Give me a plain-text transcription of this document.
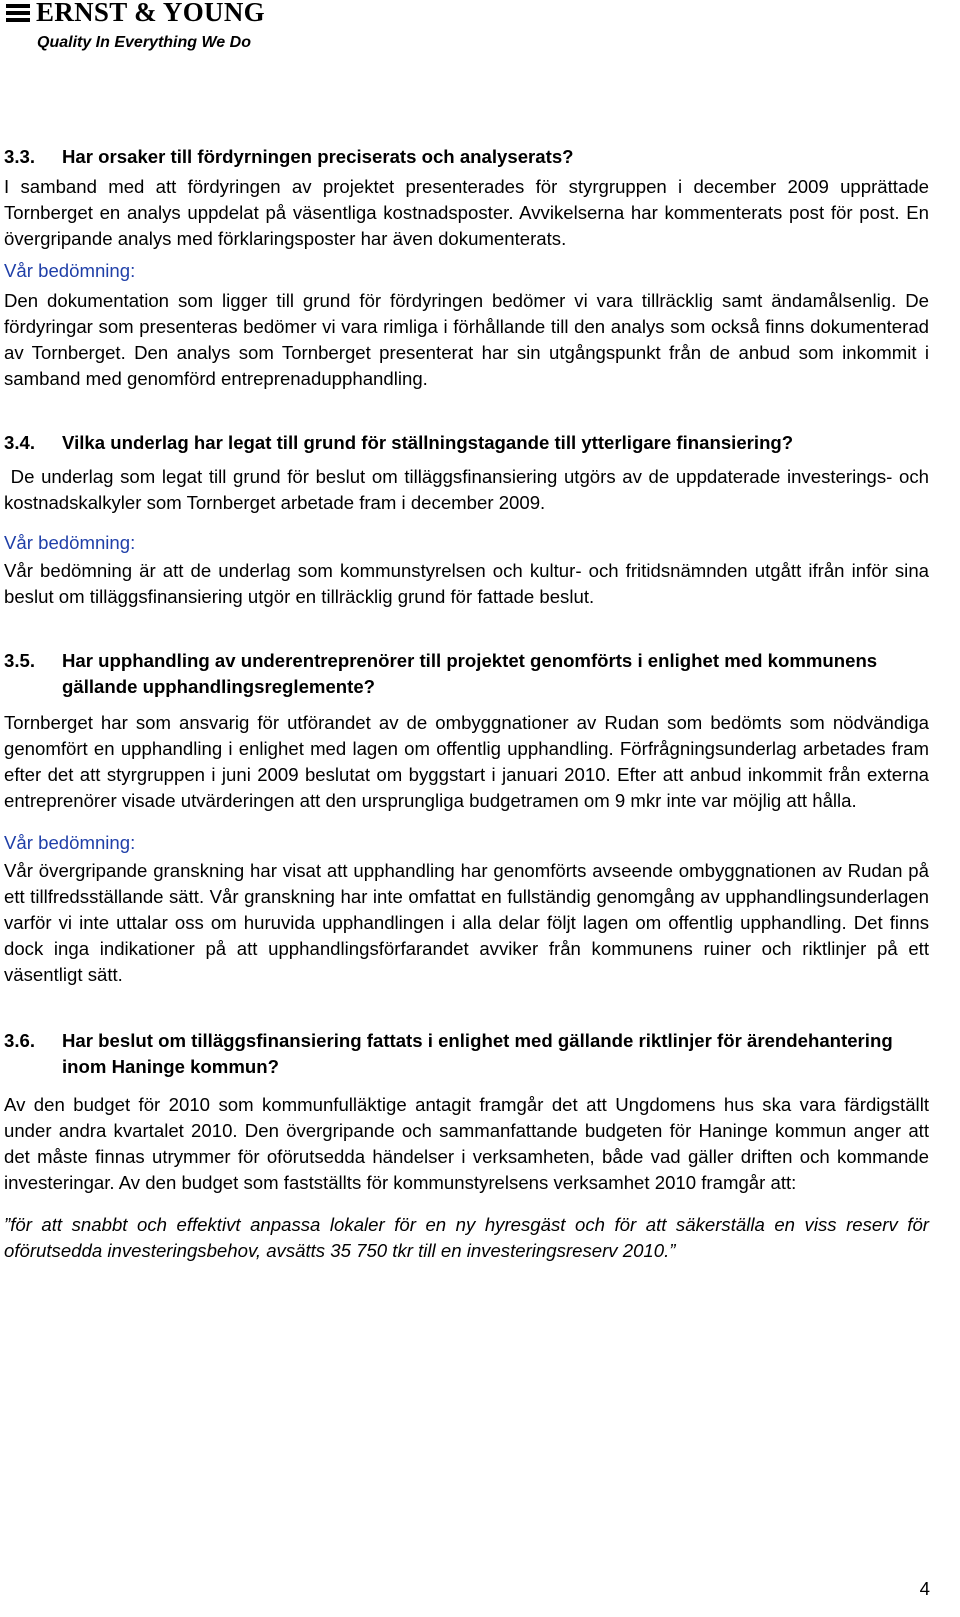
ERNST & YOUNG
Quality In Everything We Do
3.3.	Har orsaker till fördyrningen preciserats och analyserats?

I samband med att fördyringen av projektet presenterades för styrgruppen i december 2009 upprättade Tornberget en analys uppdelat på väsentliga kostnadsposter. Avvikelserna har kommenterats post för post. En övergripande analys med förklaringsposter har även dokumenterats.

Vår bedömning:

Den dokumentation som ligger till grund för fördyringen bedömer vi vara tillräcklig samt ändamålsenlig. De fördyringar som presenteras bedömer vi vara rimliga i förhållande till den analys som också finns dokumenterad av Tornberget. Den analys som Tornberget presenterat har sin utgångspunkt från de anbud som inkommit i samband med genomförd entreprenadupphandling.

3.4.	Vilka underlag har legat till grund för ställningstagande till ytterligare finansiering?

De underlag som legat till grund för beslut om tilläggsfinansiering utgörs av de uppdaterade investerings- och kostnadskalkyler som Tornberget arbetade fram i december 2009.

Vår bedömning:

Vår bedömning är att de underlag som kommunstyrelsen och kultur- och fritidsnämnden utgått ifrån inför sina beslut om tilläggsfinansiering utgör en tillräcklig grund för fattade beslut.

3.5.	Har upphandling av underentreprenörer till projektet genomförts i enlighet med kommunens gällande upphandlingsreglemente?

Tornberget har som ansvarig för utförandet av de ombyggnationer av Rudan som bedömts som nödvändiga genomfört en upphandling i enlighet med lagen om offentlig upphandling. Förfrågningsunderlag arbetades fram efter det att styrgruppen i juni 2009 beslutat om byggstart i januari 2010. Efter att anbud inkommit från externa entreprenörer visade utvärderingen att den ursprungliga budgetramen om 9 mkr inte var möjlig att hålla.

Vår bedömning:

Vår övergripande granskning har visat att upphandling har genomförts avseende ombyggnationen av Rudan på ett tillfredsställande sätt. Vår granskning har inte omfattat en fullständig genomgång av upphandlingsunderlagen varför vi inte uttalar oss om huruvida upphandlingen i alla delar följt lagen om offentlig upphandling. Det finns dock inga indikationer på att upphandlingsförfarandet avviker från kommunens ruiner och riktlinjer på ett väsentligt sätt.

3.6.	Har beslut om tilläggsfinansiering fattats i enlighet med gällande riktlinjer för ärendehantering inom Haninge kommun?

Av den budget för 2010 som kommunfulläktige antagit framgår det att Ungdomens hus ska vara färdigställt under andra kvartalet 2010. Den övergripande och sammanfattande budgeten för Haninge kommun anger att det måste finnas utrymmer för oförutsedda händelser i verksamheten, både vad gäller driften och kommande investeringar. Av den budget som fastställts för kommunstyrelsens verksamhet 2010 framgår att:

”för att snabbt och effektivt anpassa lokaler för en ny hyresgäst och för att säkerställa en viss reserv för oförutsedda investeringsbehov, avsätts 35 750 tkr till en investeringsreserv 2010.”

4
